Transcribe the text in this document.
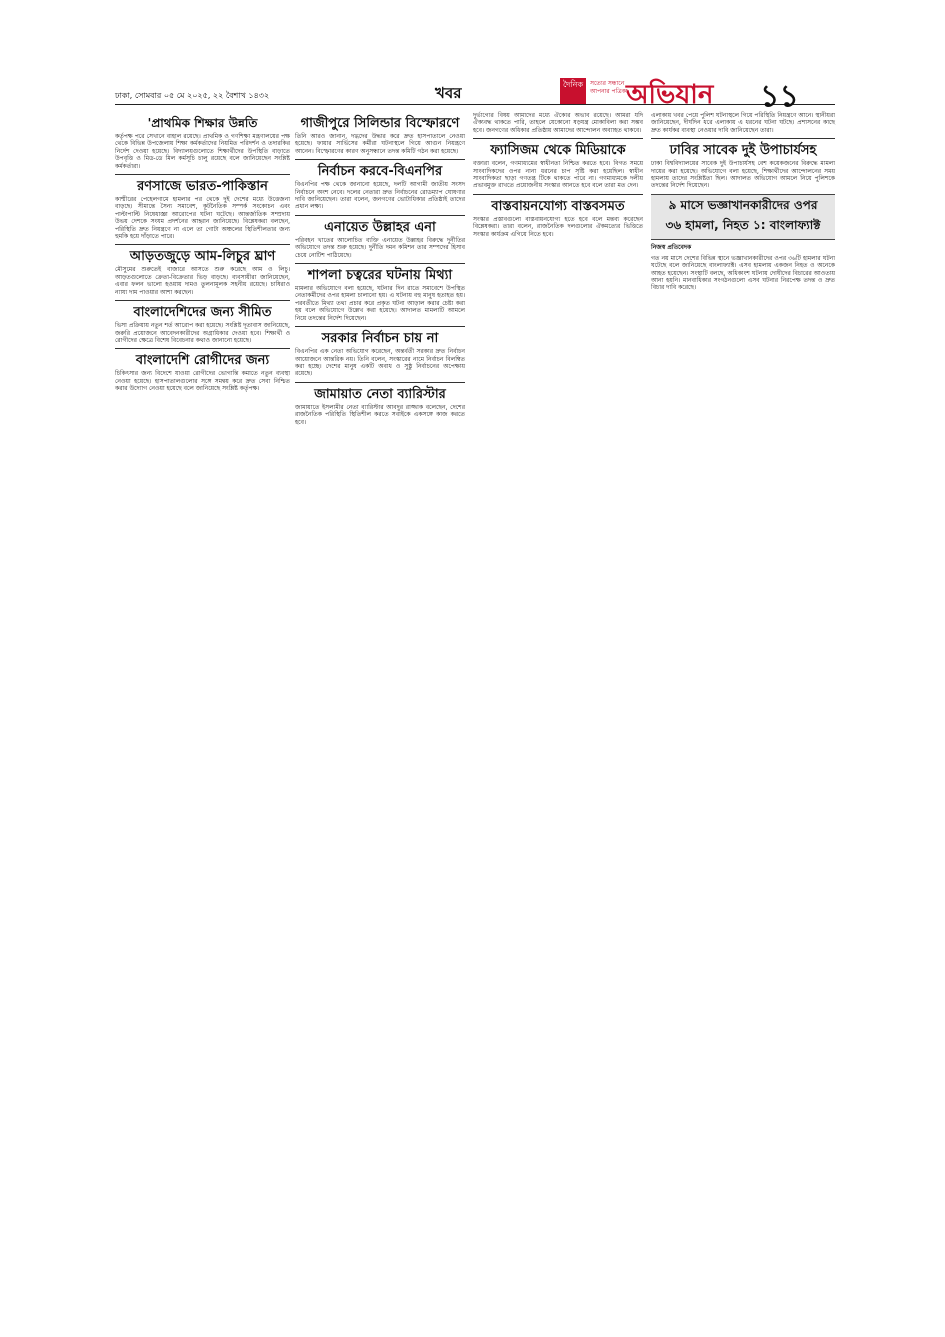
ঢাকা, সোমবার ০৫ মে ২০২৫, ২২ বৈশাখ ১৪৩২	খবর	দৈনিক	সত্যের সন্ধানে আপনার পত্রিকা
অভিযান ১১
'প্রাথমিক শিক্ষার উন্নতি

কর্তৃপক্ষ পরে সেখানে বাহাল রয়েছে। প্রাথমিক ও গণশিক্ষা মন্ত্রণালয়ের পক্ষ থেকে বিভিন্ন উপজেলায় শিক্ষা কর্মকর্তাদের নিয়মিত পরিদর্শন ও তদারকির নির্দেশ দেওয়া হয়েছে। বিদ্যালয়গুলোতে শিক্ষার্থীদের উপস্থিতি বাড়াতে উপবৃত্তি ও মিড-ডে মিল কর্মসূচি চালু রয়েছে বলে জানিয়েছেন সংশ্লিষ্ট কর্মকর্তারা।

রণসাজে ভারত-পাকিস্তান

কাশ্মীরের পেহেলগামে হামলার পর থেকে দুই দেশের মধ্যে উত্তেজনা বাড়ছে। সীমান্তে সৈন্য সমাবেশ, কূটনৈতিক সম্পর্ক সংকোচন এবং পাল্টাপাল্টি নিষেধাজ্ঞা আরোপের ঘটনা ঘটেছে। আন্তর্জাতিক সম্প্রদায় উভয় দেশকে সংযম প্রদর্শনের আহ্বান জানিয়েছে। বিশ্লেষকরা বলছেন, পরিস্থিতি দ্রুত নিয়ন্ত্রণে না এলে তা গোটা অঞ্চলের স্থিতিশীলতার জন্য হুমকি হয়ে দাঁড়াতে পারে।

আড়তজুড়ে আম-লিচুর ঘ্রাণ

মৌসুমের শুরুতেই বাজারে আসতে শুরু করেছে আম ও লিচু। আড়তগুলোতে ক্রেতা-বিক্রেতার ভিড় বাড়ছে। ব্যবসায়ীরা জানিয়েছেন, এবার ফলন ভালো হওয়ায় দামও তুলনামূলক সহনীয় রয়েছে। চাষিরাও ন্যায্য দাম পাওয়ার আশা করছেন।

বাংলাদেশিদের জন্য সীমিত

ভিসা প্রক্রিয়ায় নতুন শর্ত আরোপ করা হয়েছে। সংশ্লিষ্ট দূতাবাস জানিয়েছে, জরুরি প্রয়োজনে আবেদনকারীদের অগ্রাধিকার দেওয়া হবে। শিক্ষার্থী ও রোগীদের ক্ষেত্রে বিশেষ বিবেচনার কথাও জানানো হয়েছে।

বাংলাদেশি রোগীদের জন্য

চিকিৎসার জন্য বিদেশে যাওয়া রোগীদের ভোগান্তি কমাতে নতুন ব্যবস্থা নেওয়া হয়েছে। হাসপাতালগুলোর সঙ্গে সমন্বয় করে দ্রুত সেবা নিশ্চিত করার উদ্যোগ নেওয়া হয়েছে বলে জানিয়েছে সংশ্লিষ্ট কর্তৃপক্ষ।

গাজীপুরে সিলিন্ডার বিস্ফোরণে

তিনি আরও জানান, দগ্ধদের উদ্ধার করে দ্রুত হাসপাতালে নেওয়া হয়েছে। ফায়ার সার্ভিসের কর্মীরা ঘটনাস্থলে গিয়ে আগুন নিয়ন্ত্রণে আনেন। বিস্ফোরণের কারণ অনুসন্ধানে তদন্ত কমিটি গঠন করা হয়েছে।

নির্বাচন করবে-বিএনপির

বিএনপির পক্ষ থেকে জানানো হয়েছে, দলটি আগামী জাতীয় সংসদ নির্বাচনে অংশ নেবে। দলের নেতারা দ্রুত নির্বাচনের রোডম্যাপ ঘোষণার দাবি জানিয়েছেন। তারা বলেন, জনগণের ভোটাধিকার প্রতিষ্ঠাই তাদের প্রধান লক্ষ্য।

এনায়েত উল্লাহর এনা

পরিবহন খাতের আলোচিত ব্যক্তি এনায়েত উল্লাহর বিরুদ্ধে দুর্নীতির অভিযোগে তদন্ত শুরু হয়েছে। দুর্নীতি দমন কমিশন তার সম্পদের হিসাব চেয়ে নোটিশ পাঠিয়েছে।

শাপলা চত্বরের ঘটনায় মিথ্যা

মামলার অভিযোগে বলা হয়েছে, ঘটনার দিন রাতে সমাবেশে উপস্থিত নেতাকর্মীদের ওপর হামলা চালানো হয়। এ ঘটনায় বহু মানুষ হতাহত হয়। পরবর্তীতে মিথ্যা তথ্য প্রচার করে প্রকৃত ঘটনা আড়াল করার চেষ্টা করা হয় বলে অভিযোগে উল্লেখ করা হয়েছে। আদালত মামলাটি আমলে নিয়ে তদন্তের নির্দেশ দিয়েছেন।

সরকার নির্বাচন চায় না

বিএনপির এক নেতা অভিযোগ করেছেন, অন্তর্বর্তী সরকার দ্রুত নির্বাচন আয়োজনে আন্তরিক নয়। তিনি বলেন, সংস্কারের নামে নির্বাচন বিলম্বিত করা হচ্ছে। দেশের মানুষ একটি অবাধ ও সুষ্ঠু নির্বাচনের অপেক্ষায় রয়েছে।

জামায়াত নেতা ব্যারিস্টার

জামায়াতে ইসলামীর নেতা ব্যারিস্টার আবদুর রাজ্জাক বলেছেন, দেশের রাজনৈতিক পরিস্থিতি স্থিতিশীল করতে সবাইকে একসঙ্গে কাজ করতে হবে।

দুর্ভাগ্যের বিষয় আমাদের মধ্যে ঐক্যের অভাব রয়েছে। আমরা যদি ঐক্যবদ্ধ থাকতে পারি, তাহলে যেকোনো ষড়যন্ত্র মোকাবিলা করা সম্ভব হবে। জনগণের অধিকার প্রতিষ্ঠায় আমাদের আন্দোলন অব্যাহত থাকবে।

ফ্যাসিজম থেকে মিডিয়াকে

বক্তারা বলেন, গণমাধ্যমের স্বাধীনতা নিশ্চিত করতে হবে। বিগত সময়ে সাংবাদিকদের ওপর নানা ধরনের চাপ সৃষ্টি করা হয়েছিল। স্বাধীন সাংবাদিকতা ছাড়া গণতন্ত্র টিকে থাকতে পারে না। গণমাধ্যমকে দলীয় প্রভাবমুক্ত রাখতে প্রয়োজনীয় সংস্কার আনতে হবে বলে তারা মত দেন।

বাস্তবায়নযোগ্য বাস্তবসমত

সংস্কার প্রস্তাবগুলো বাস্তবায়নযোগ্য হতে হবে বলে মন্তব্য করেছেন বিশ্লেষকরা। তারা বলেন, রাজনৈতিক দলগুলোর ঐকমত্যের ভিত্তিতে সংস্কার কার্যক্রম এগিয়ে নিতে হবে।

এলাকায় খবর পেয়ে পুলিশ ঘটনাস্থলে গিয়ে পরিস্থিতি নিয়ন্ত্রণে আনে। স্থানীয়রা জানিয়েছেন, দীর্ঘদিন ধরে এলাকায় এ ধরনের ঘটনা ঘটছে। প্রশাসনের কাছে দ্রুত কার্যকর ব্যবস্থা নেওয়ার দাবি জানিয়েছেন তারা।

ঢাবির সাবেক দুই উপাচার্যসহ

ঢাকা বিশ্ববিদ্যালয়ের সাবেক দুই উপাচার্যসহ বেশ কয়েকজনের বিরুদ্ধে মামলা দায়ের করা হয়েছে। অভিযোগে বলা হয়েছে, শিক্ষার্থীদের আন্দোলনের সময় হামলায় তাদের সংশ্লিষ্টতা ছিল। আদালত অভিযোগ আমলে নিয়ে পুলিশকে তদন্তের নির্দেশ দিয়েছেন।

৯ মাসে ভজ্ঞাখানকারীদের ওপর
৩৬ হামলা, নিহত ১: বাংলাফ্যাক্ট
নিজস্ব প্রতিবেদক

গত নয় মাসে দেশের বিভিন্ন স্থানে ভজ্ঞাখানকারীদের ওপর ৩৬টি হামলার ঘটনা ঘটেছে বলে জানিয়েছে বাংলাফ্যাক্ট। এসব হামলায় একজন নিহত ও অনেকে আহত হয়েছেন। সংস্থাটি বলছে, অধিকাংশ ঘটনায় দোষীদের বিচারের আওতায় আনা হয়নি। মানবাধিকার সংগঠনগুলো এসব ঘটনার নিরপেক্ষ তদন্ত ও দ্রুত বিচার দাবি করেছে।
